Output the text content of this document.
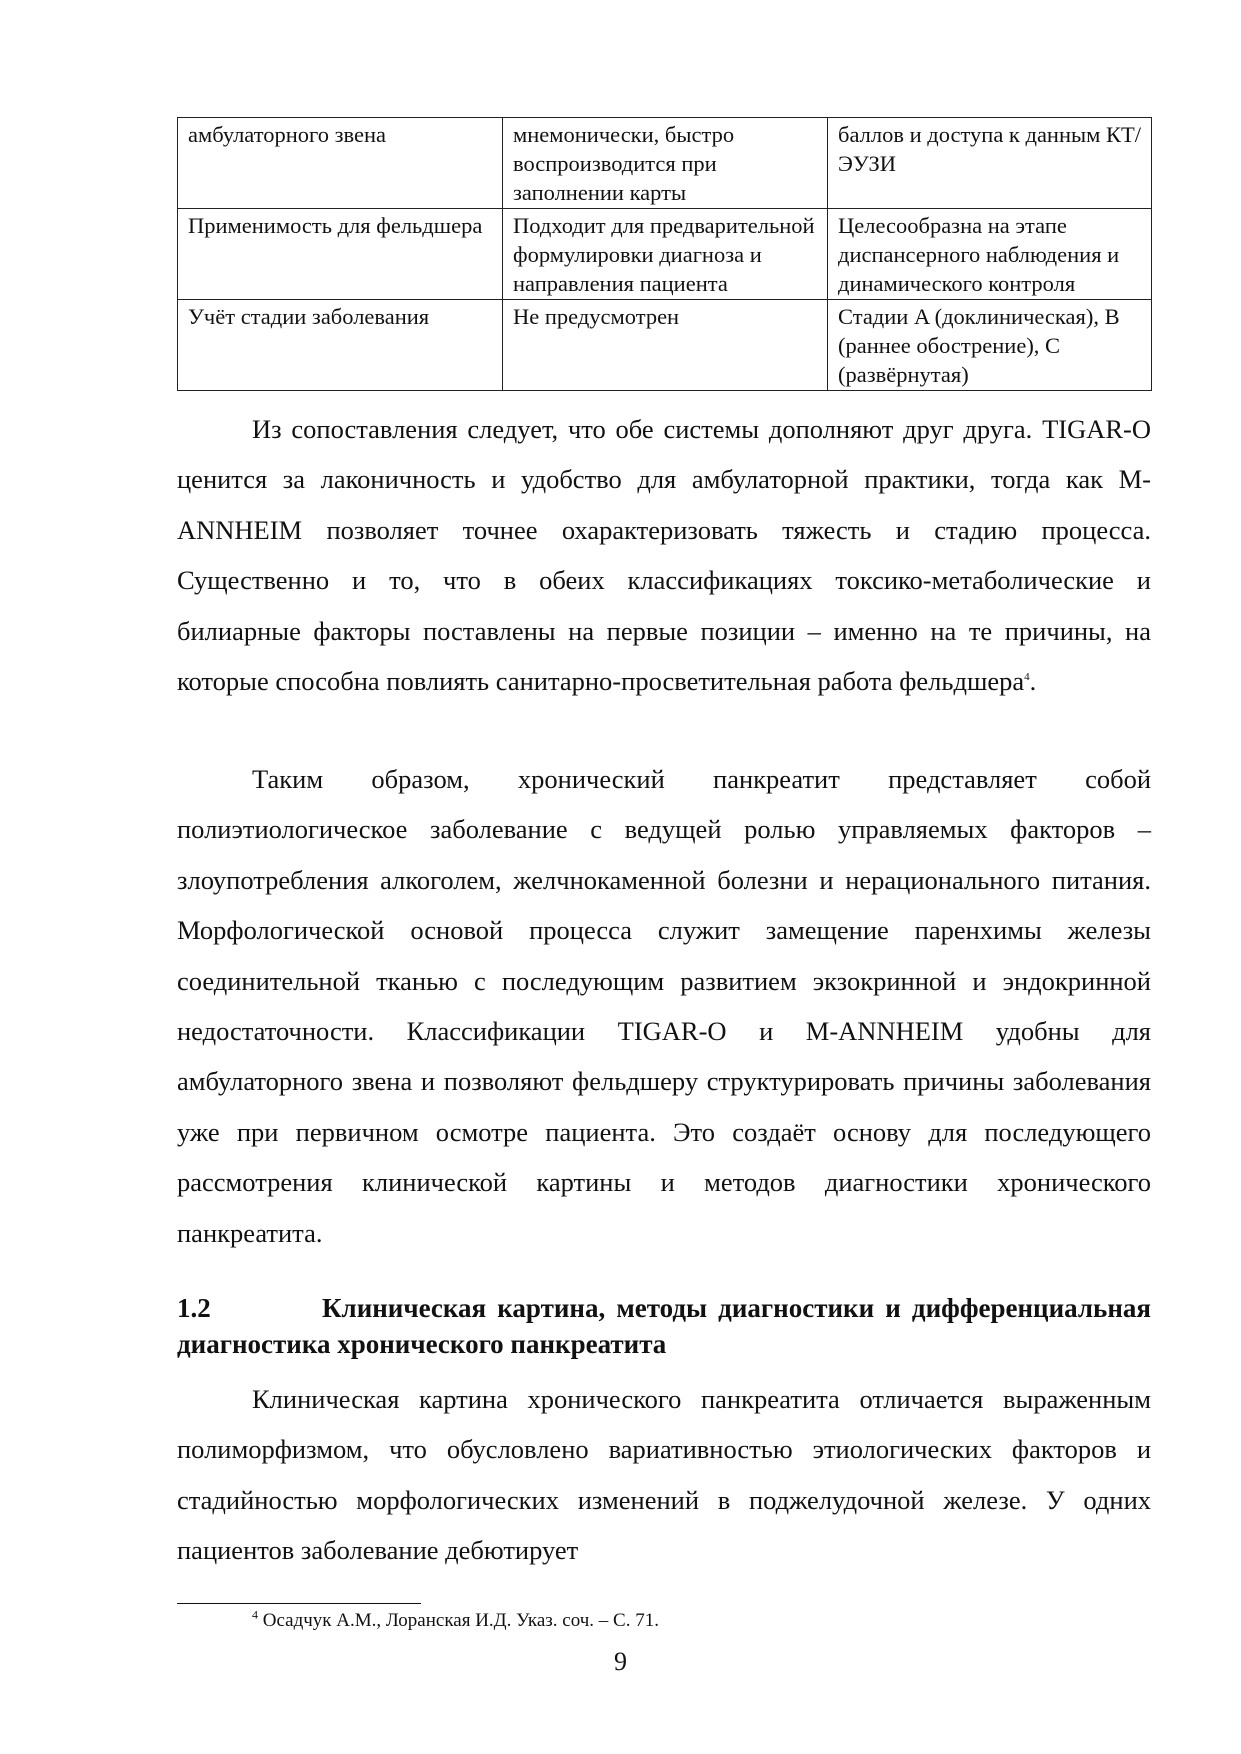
амбулаторного звена	мнемонически, быстро воспроизводится при заполнении карты	баллов и доступа к данным КТ/ЭУЗИ
Применимость для фельдшера	Подходит для предварительной формулировки диагноза и направления пациента	Целесообразна на этапе диспансерного наблюдения и динамического контроля
Учёт стадии заболевания	Не предусмотрен	Стадии A (доклиническая), B (раннее обострение), C (развёрнутая)

Из сопоставления следует, что обе системы дополняют друг друга. TIGAR-O ценится за лаконичность и удобство для амбулаторной практики, тогда как M-ANNHEIM позволяет точнее охарактеризовать тяжесть и стадию процесса. Существенно и то, что в обеих классификациях токсико-метаболические и билиарные факторы поставлены на первые позиции – именно на те причины, на которые способна повлиять санитарно-просветительная работа фельдшера$^4$.

Таким образом, хронический панкреатит представляет собой полиэтиологическое заболевание с ведущей ролью управляемых факторов – злоупотребления алкоголем, желчнокаменной болезни и нерационального питания. Морфологической основой процесса служит замещение паренхимы железы соединительной тканью с последующим развитием экзокринной и эндокринной недостаточности. Классификации TIGAR-O и M-ANNHEIM удобны для амбулаторного звена и позволяют фельдшеру структурировать причины заболевания уже при первичном осмотре пациента. Это создаёт основу для последующего рассмотрения клинической картины и методов диагностики хронического панкреатита.

1.2	Клиническая картина, методы диагностики и дифференциальная диагностика хронического панкреатита

Клиническая картина хронического панкреатита отличается выраженным полиморфизмом, что обусловлено вариативностью этиологических факторов и стадийностью морфологических изменений в поджелудочной железе. У одних пациентов заболевание дебютирует

$^4$ Осадчук А.М., Лоранская И.Д. Указ. соч. – С. 71.
9
